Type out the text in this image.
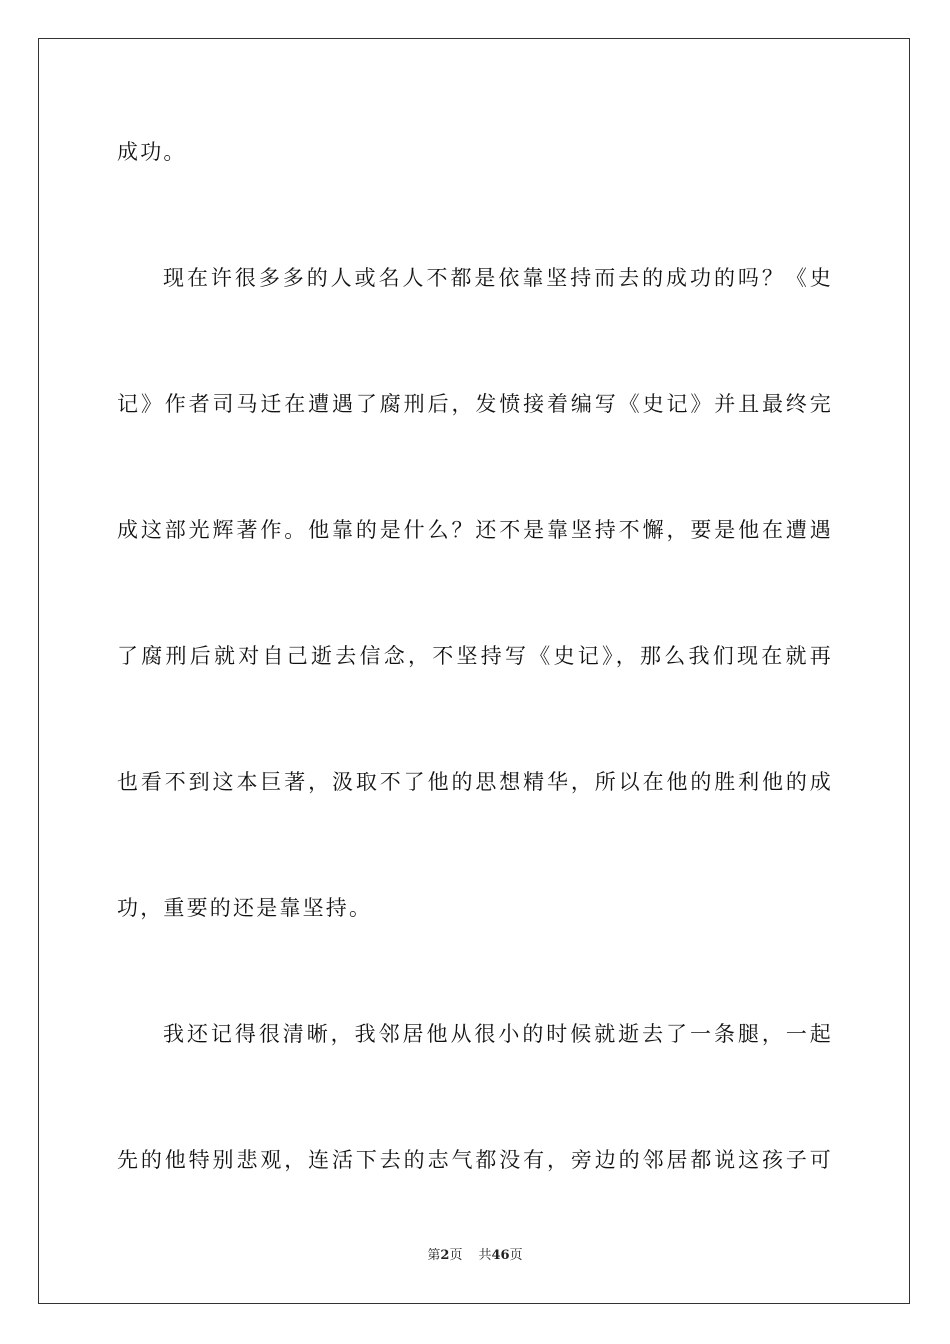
成功。
现在许很多多的人或名人不都是依靠坚持而去的成功的吗？《史
记》作者司马迁在遭遇了腐刑后，发愤接着编写《史记》并且最终完
成这部光辉著作。他靠的是什么？还不是靠坚持不懈，要是他在遭遇
了腐刑后就对自己逝去信念，不坚持写《史记》，那么我们现在就再
也看不到这本巨著，汲取不了他的思想精华，所以在他的胜利他的成
功，重要的还是靠坚持。
我还记得很清晰，我邻居他从很小的时候就逝去了一条腿，一起
先的他特别悲观，连活下去的志气都没有，旁边的邻居都说这孩子可
第2页 共46页
